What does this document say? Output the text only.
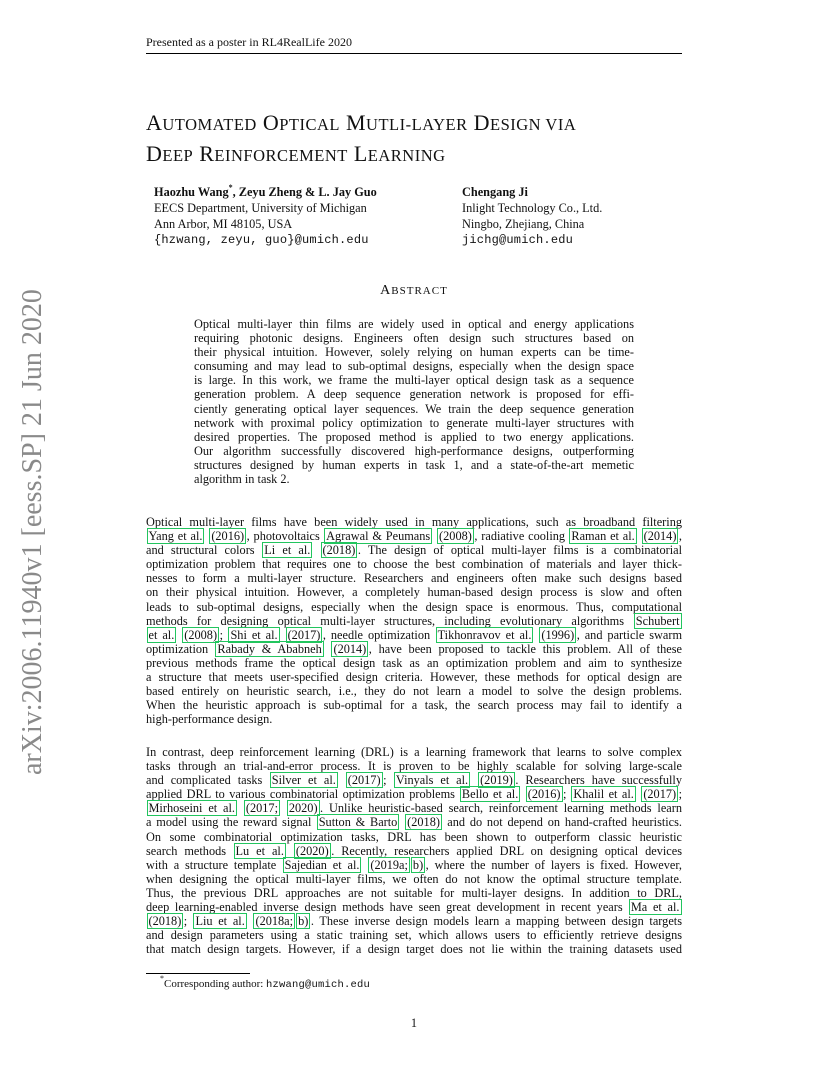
Presented as a poster in RL4RealLife 2020
arXiv:2006.11940v1 [eess.SP] 21 Jun 2020
AUTOMATED OPTICAL MUTLI-LAYER DESIGN VIA
DEEP REINFORCEMENT LEARNING
Haozhu Wang*, Zeyu Zheng & L. Jay Guo
EECS Department, University of Michigan
Ann Arbor, MI 48105, USA
{hzwang, zeyu, guo}@umich.edu
Chengang Ji
Inlight Technology Co., Ltd.
Ningbo, Zhejiang, China
jichg@umich.edu
ABSTRACT
Optical multi-layer thin films are widely used in optical and energy applications
requiring photonic designs. Engineers often design such structures based on
their physical intuition. However, solely relying on human experts can be time-
consuming and may lead to sub-optimal designs, especially when the design space
is large. In this work, we frame the multi-layer optical design task as a sequence
generation problem. A deep sequence generation network is proposed for effi-
ciently generating optical layer sequences. We train the deep sequence generation
network with proximal policy optimization to generate multi-layer structures with
desired properties. The proposed method is applied to two energy applications.
Our algorithm successfully discovered high-performance designs, outperforming
structures designed by human experts in task 1, and a state-of-the-art memetic
algorithm in task 2.
Optical multi-layer films have been widely used in many applications, such as broadband filtering
Yang et al. (2016) , photovoltaics Agrawal & Peumans (2008) , radiative cooling Raman et al. (2014) ,
and structural colors Li et al. (2018) . The design of optical multi-layer films is a combinatorial
optimization problem that requires one to choose the best combination of materials and layer thick-
nesses to form a multi-layer structure. Researchers and engineers often make such designs based
on their physical intuition. However, a completely human-based design process is slow and often
leads to sub-optimal designs, especially when the design space is enormous. Thus, computational
methods for designing optical multi-layer structures, including evolutionary algorithms Schubert
et al. (2008) ; Shi et al. (2017) , needle optimization Tikhonravov et al. (1996) , and particle swarm
optimization Rabady & Ababneh (2014) , have been proposed to tackle this problem. All of these
previous methods frame the optical design task as an optimization problem and aim to synthesize
a structure that meets user-specified design criteria. However, these methods for optical design are
based entirely on heuristic search, i.e., they do not learn a model to solve the design problems.
When the heuristic approach is sub-optimal for a task, the search process may fail to identify a
high-performance design.
In contrast, deep reinforcement learning (DRL) is a learning framework that learns to solve complex
tasks through an trial-and-error process. It is proven to be highly scalable for solving large-scale
and complicated tasks Silver et al. (2017) ; Vinyals et al. (2019) . Researchers have successfully
applied DRL to various combinatorial optimization problems Bello et al. (2016) ; Khalil et al. (2017) ;
Mirhoseini et al. (2017; 2020) . Unlike heuristic-based search, reinforcement learning methods learn
a model using the reward signal Sutton & Barto (2018) and do not depend on hand-crafted heuristics.
On some combinatorial optimization tasks, DRL has been shown to outperform classic heuristic
search methods Lu et al. (2020) . Recently, researchers applied DRL on designing optical devices
with a structure template Sajedian et al. (2019a; b) , where the number of layers is fixed. However,
when designing the optical multi-layer films, we often do not know the optimal structure template.
Thus, the previous DRL approaches are not suitable for multi-layer designs. In addition to DRL,
deep learning-enabled inverse design methods have seen great development in recent years Ma et al.
(2018) ; Liu et al. (2018a; b) . These inverse design models learn a mapping between design targets
and design parameters using a static training set, which allows users to efficiently retrieve designs
that match design targets. However, if a design target does not lie within the training datasets used
*Corresponding author: hzwang@umich.edu
1
